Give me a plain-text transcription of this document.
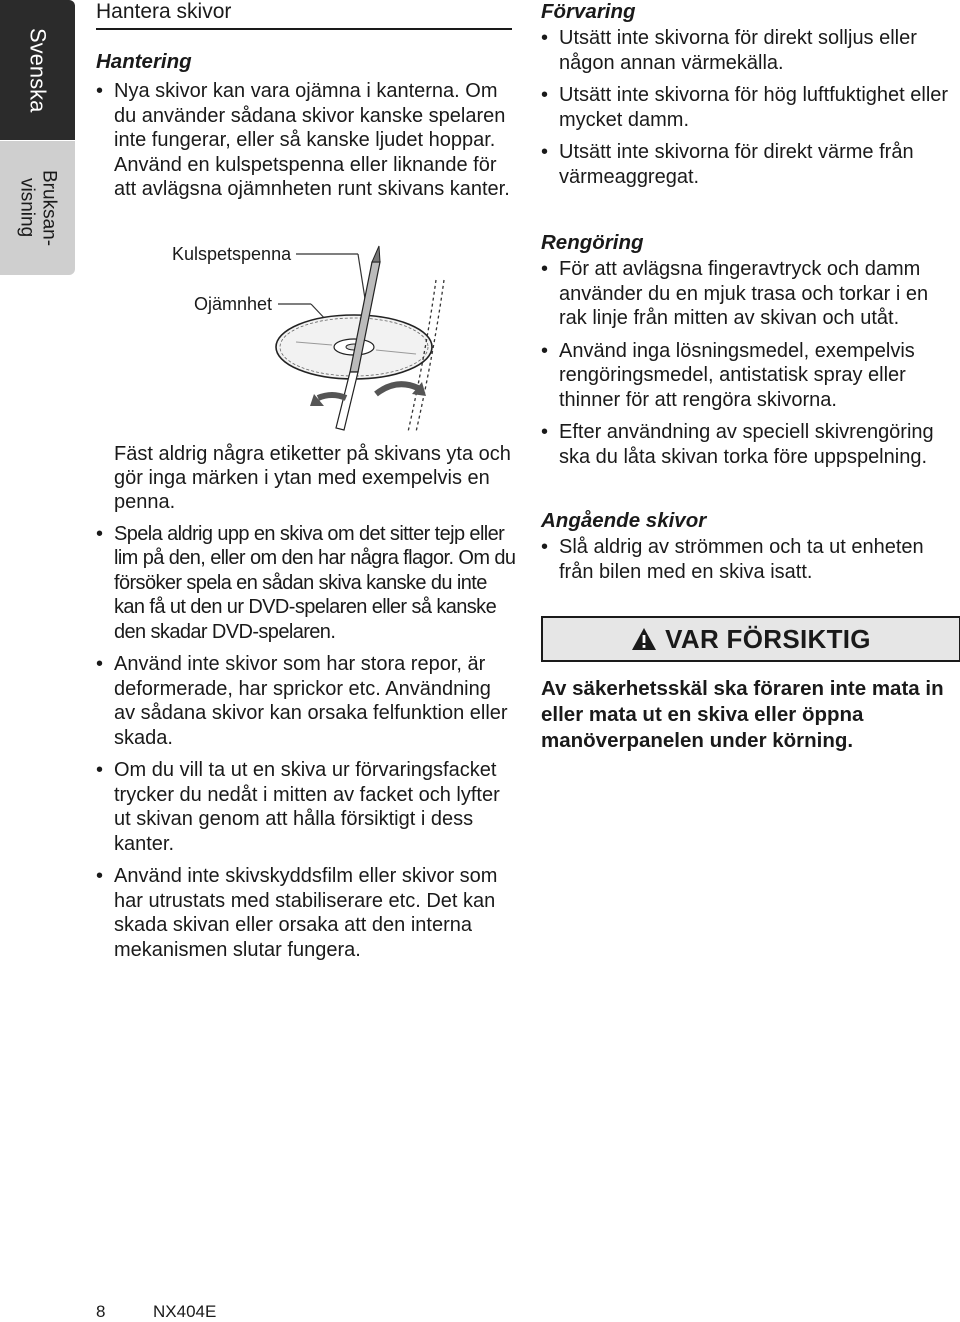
Svenska
Bruksan-
visning
Hantera skivor
Hantering
• Nya skivor kan vara ojämna i kanterna. Om du använder sådana skivor kanske spelaren inte fungerar, eller så kanske ljudet hoppar. Använd en kulspetspenna eller liknande för att avlägsna ojämnheten runt skivans kanter.
Kulspetspenna
Ojämnhet
Fäst aldrig några etiketter på skivans yta och gör inga märken i ytan med exempelvis en penna.
• Spela aldrig upp en skiva om det sitter tejp eller lim på den, eller om den har några flagor. Om du försöker spela en sådan skiva kanske du inte kan få ut den ur DVD-spelaren eller så kanske den skadar DVD-spelaren.
• Använd inte skivor som har stora repor, är deformerade, har sprickor etc. Användning av sådana skivor kan orsaka felfunktion eller skada.
• Om du vill ta ut en skiva ur förvaringsfacket trycker du nedåt i mitten av facket och lyfter ut skivan genom att hålla försiktigt i dess kanter.
• Använd inte skivskyddsfilm eller skivor som har utrustats med stabiliserare etc. Det kan skada skivan eller orsaka att den interna mekanismen slutar fungera.
Förvaring
• Utsätt inte skivorna för direkt solljus eller någon annan värmekälla.
• Utsätt inte skivorna för hög luftfuktighet eller mycket damm.
• Utsätt inte skivorna för direkt värme från värmeaggregat.
Rengöring
• För att avlägsna fingeravtryck och damm använder du en mjuk trasa och torkar i en rak linje från mitten av skivan och utåt.
• Använd inga lösningsmedel, exempelvis rengöringsmedel, antistatisk spray eller thinner för att rengöra skivorna.
• Efter användning av speciell skivrengöring ska du låta skivan torka före uppspelning.
Angående skivor
• Slå aldrig av strömmen och ta ut enheten från bilen med en skiva isatt.
VAR FÖRSIKTIG
Av säkerhetsskäl ska föraren inte mata in eller mata ut en skiva eller öppna manöverpanelen under körning.
8	NX404E
